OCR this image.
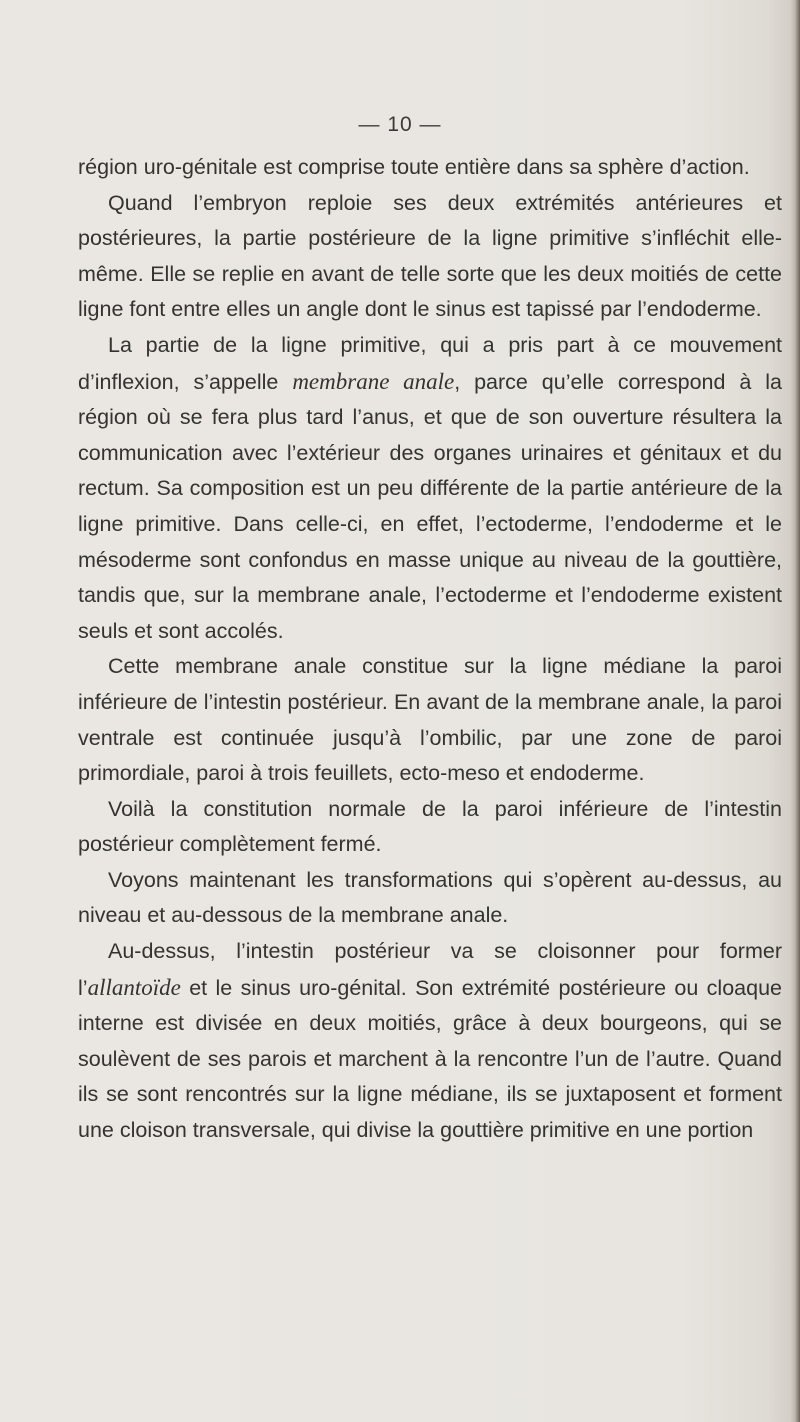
— 10 —

région uro-génitale est comprise toute entière dans sa sphère d’action.

Quand l’embryon reploie ses deux extrémités antérieures et postérieures, la partie postérieure de la ligne primitive s’infléchit elle-même. Elle se replie en avant de telle sorte que les deux moitiés de cette ligne font entre elles un angle dont le sinus est tapissé par l’endoderme.

La partie de la ligne primitive, qui a pris part à ce mouvement d’inflexion, s’appelle membrane anale, parce qu’elle correspond à la région où se fera plus tard l’anus, et que de son ouverture résultera la communication avec l’extérieur des organes urinaires et génitaux et du rectum. Sa composition est un peu différente de la partie antérieure de la ligne primitive. Dans celle-ci, en effet, l’ectoderme, l’endoderme et le mésoderme sont confondus en masse unique au niveau de la gouttière, tandis que, sur la membrane anale, l’ectoderme et l’endoderme existent seuls et sont accolés.

Cette membrane anale constitue sur la ligne médiane la paroi inférieure de l’intestin postérieur. En avant de la membrane anale, la paroi ventrale est continuée jusqu’à l’ombilic, par une zone de paroi primordiale, paroi à trois feuillets, ecto-meso et endoderme.

Voilà la constitution normale de la paroi inférieure de l’intestin postérieur complètement fermé.

Voyons maintenant les transformations qui s’opèrent au-dessus, au niveau et au-dessous de la membrane anale.

Au-dessus, l’intestin postérieur va se cloisonner pour former l’allantoïde et le sinus uro-génital. Son extrémité postérieure ou cloaque interne est divisée en deux moitiés, grâce à deux bourgeons, qui se soulèvent de ses parois et marchent à la rencontre l’un de l’autre. Quand ils se sont rencontrés sur la ligne médiane, ils se juxtaposent et forment une cloison transversale, qui divise la gouttière primitive en une portion
